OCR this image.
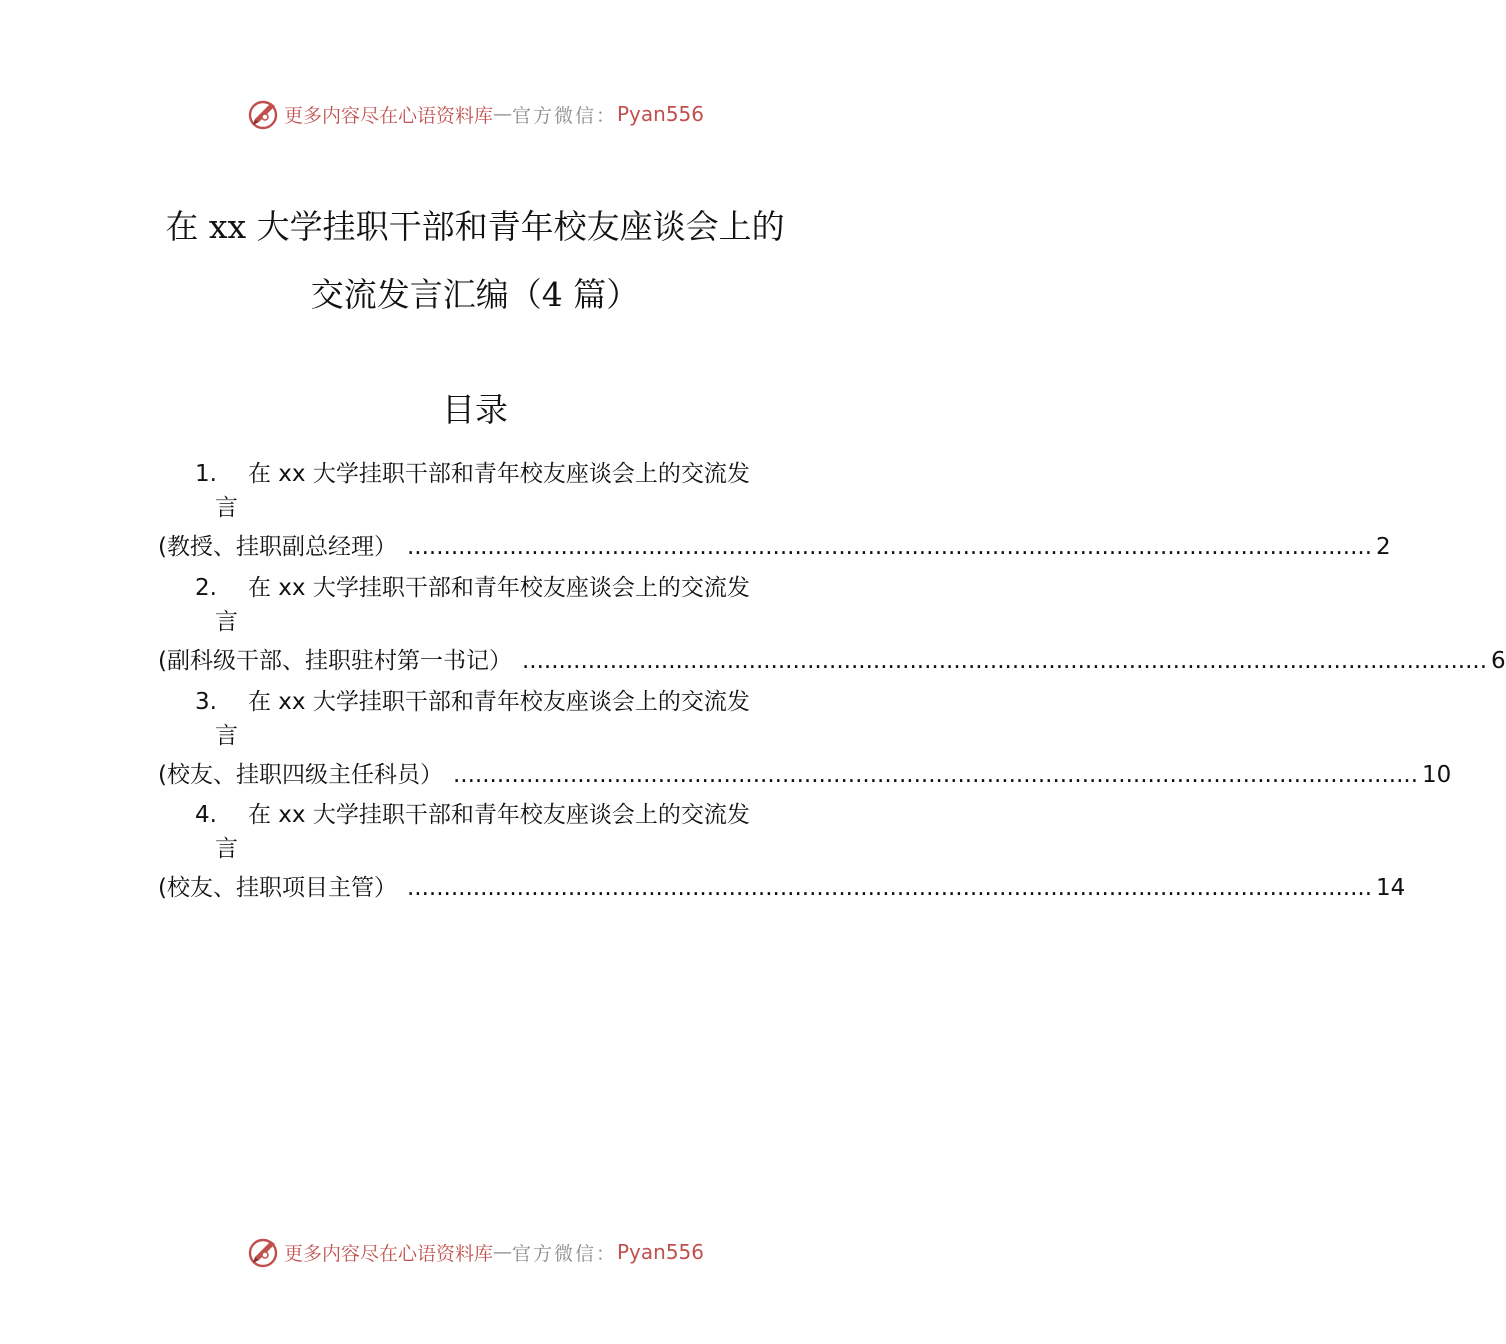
更多内容尽在心语资料库 — 官方微信： Pyan556
在 xx 大学挂职干部和青年校友座谈会上的
交流发言汇编（4 篇）
目录
1. 在 xx 大学挂职干部和青年校友座谈会上的交流发
言
(教授、挂职副总经理） .................................................................................................................................... 2
2. 在 xx 大学挂职干部和青年校友座谈会上的交流发
言
(副科级干部、挂职驻村第一书记） .................................................................................................................................... 6
3. 在 xx 大学挂职干部和青年校友座谈会上的交流发
言
(校友、挂职四级主任科员） .................................................................................................................................... 10
4. 在 xx 大学挂职干部和青年校友座谈会上的交流发
言
(校友、挂职项目主管） .................................................................................................................................... 14
更多内容尽在心语资料库 — 官方微信： Pyan556
